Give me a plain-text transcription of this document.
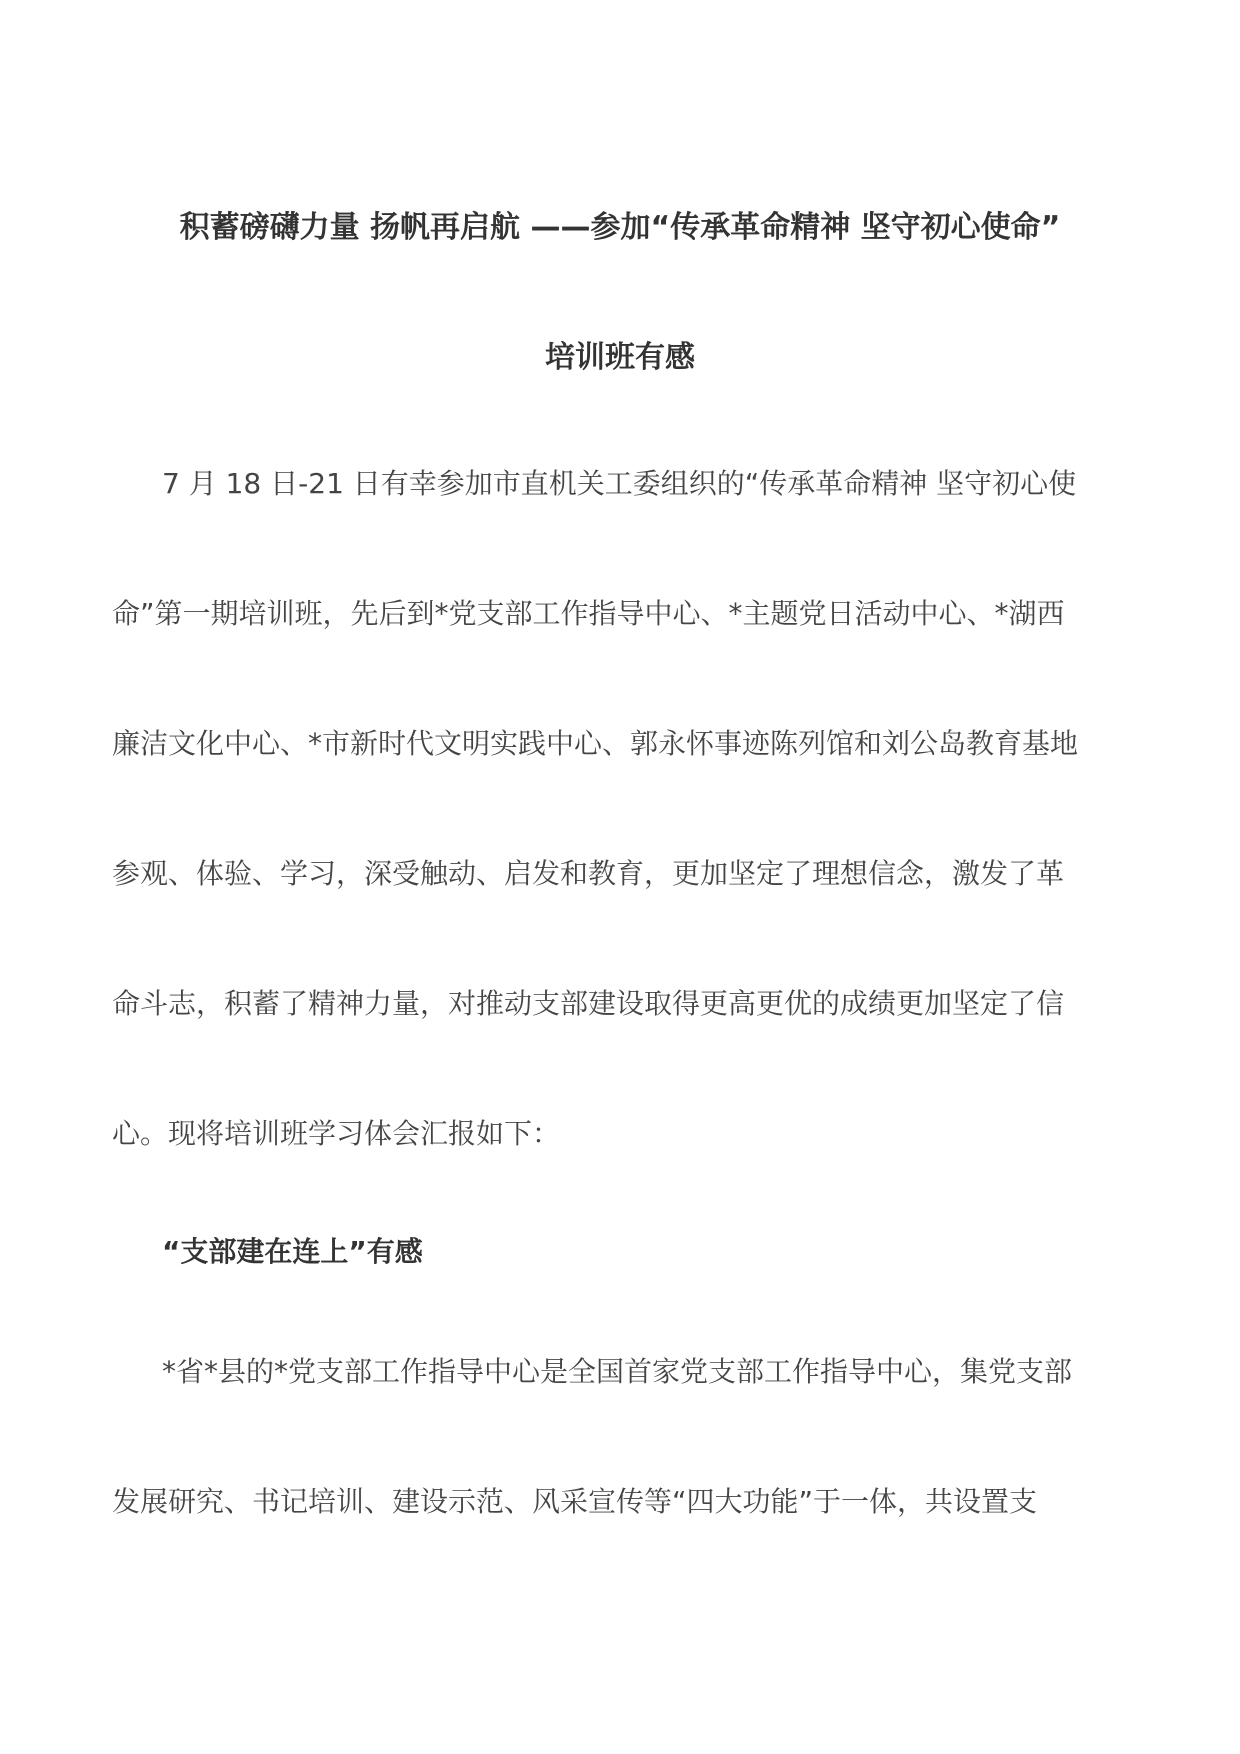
积蓄磅礴力量 扬帆再启航 ——参加“传承革命精神 坚守初心使命”
培训班有感
7 月 18 日-21 日有幸参加市直机关工委组织的“传承革命精神 坚守初心使
命”第一期培训班，先后到*党支部工作指导中心、*主题党日活动中心、*湖西
廉洁文化中心、*市新时代文明实践中心、郭永怀事迹陈列馆和刘公岛教育基地
参观、体验、学习，深受触动、启发和教育，更加坚定了理想信念，激发了革
命斗志，积蓄了精神力量，对推动支部建设取得更高更优的成绩更加坚定了信
心。现将培训班学习体会汇报如下：
“支部建在连上”有感
*省*县的*党支部工作指导中心是全国首家党支部工作指导中心，集党支部
发展研究、书记培训、建设示范、风采宣传等“四大功能”于一体，共设置支
